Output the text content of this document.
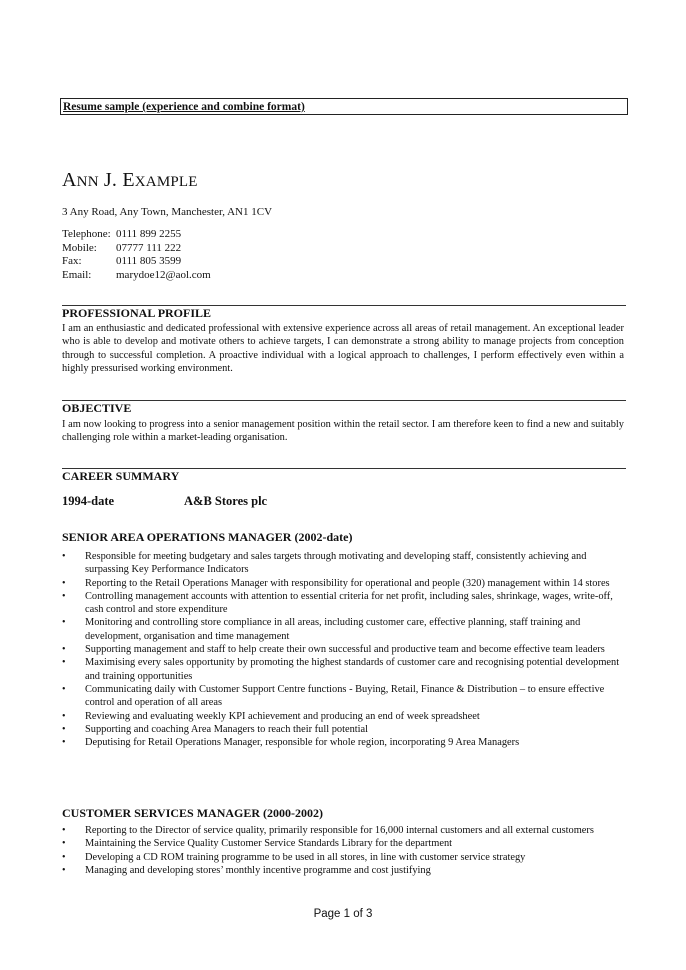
Resume sample (experience and combine format)
ANN J. EXAMPLE
3 Any Road, Any Town, Manchester, AN1 1CV
Telephone: 0111 899 2255
Mobile:	07777 111 222
Fax:	0111 805 3599
Email:	marydoe12@aol.com
PROFESSIONAL PROFILE
I am an enthusiastic and dedicated professional with extensive experience across all areas of retail management. An exceptional leader who is able to develop and motivate others to achieve targets, I can demonstrate a strong ability to manage projects from conception through to successful completion. A proactive individual with a logical approach to challenges, I perform effectively even within a highly pressurised working environment.
OBJECTIVE
I am now looking to progress into a senior management position within the retail sector. I am therefore keen to find a new and suitably challenging role within a market-leading organisation.
CAREER SUMMARY
1994-date	A&B Stores plc
SENIOR AREA OPERATIONS MANAGER (2002-date)
• Responsible for meeting budgetary and sales targets through motivating and developing staff, consistently achieving and surpassing Key Performance Indicators
• Reporting to the Retail Operations Manager with responsibility for operational and people (320) management within 14 stores
• Controlling management accounts with attention to essential criteria for net profit, including sales, shrinkage, wages, write-off, cash control and store expenditure
• Monitoring and controlling store compliance in all areas, including customer care, effective planning, staff training and development, organisation and time management
• Supporting management and staff to help create their own successful and productive team and become effective team leaders
• Maximising every sales opportunity by promoting the highest standards of customer care and recognising potential development and training opportunities
• Communicating daily with Customer Support Centre functions - Buying, Retail, Finance & Distribution – to ensure effective control and operation of all areas
• Reviewing and evaluating weekly KPI achievement and producing an end of week spreadsheet
• Supporting and coaching Area Managers to reach their full potential
• Deputising for Retail Operations Manager, responsible for whole region, incorporating 9 Area Managers
CUSTOMER SERVICES MANAGER (2000-2002)
• Reporting to the Director of service quality, primarily responsible for 16,000 internal customers and all external customers
• Maintaining the Service Quality Customer Service Standards Library for the department
• Developing a CD ROM training programme to be used in all stores, in line with customer service strategy
• Managing and developing stores’ monthly incentive programme and cost justifying
Page 1 of 3
